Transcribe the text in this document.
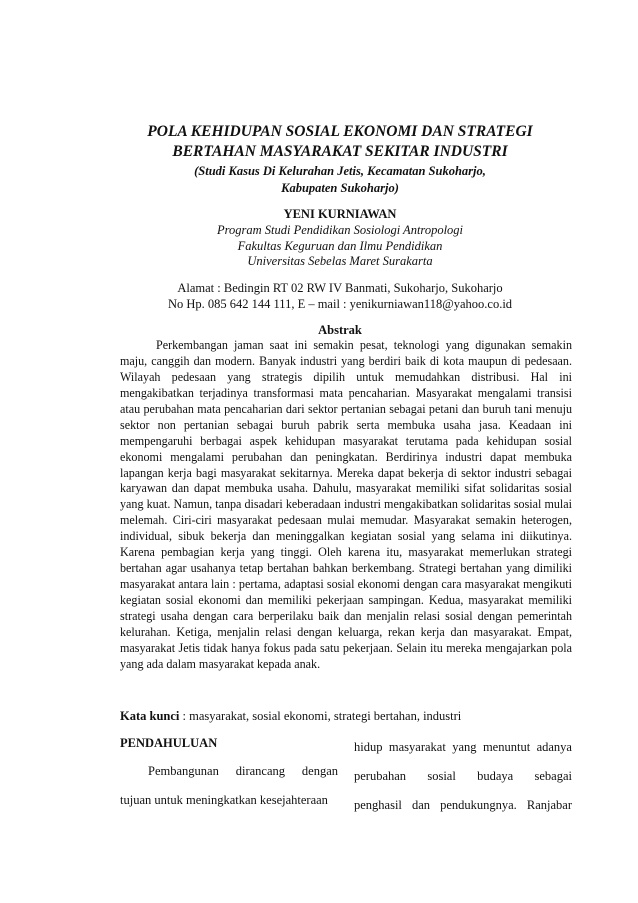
POLA KEHIDUPAN SOSIAL EKONOMI DAN STRATEGI
BERTAHAN MASYARAKAT SEKITAR INDUSTRI
(Studi Kasus Di Kelurahan Jetis, Kecamatan Sukoharjo,
Kabupaten Sukoharjo)
YENI KURNIAWAN
Program Studi Pendidikan Sosiologi Antropologi
Fakultas Keguruan dan Ilmu Pendidikan
Universitas Sebelas Maret Surakarta
Alamat : Bedingin RT 02 RW IV Banmati, Sukoharjo, Sukoharjo
No Hp. 085 642 144 111, E – mail : yenikurniawan118@yahoo.co.id
Abstrak

Perkembangan jaman saat ini semakin pesat, teknologi yang digunakan semakin maju, canggih dan modern. Banyak industri yang berdiri baik di kota maupun di pedesaan. Wilayah pedesaan yang strategis dipilih untuk memudahkan distribusi. Hal ini mengakibatkan terjadinya transformasi mata pencaharian. Masyarakat mengalami transisi atau perubahan mata pencaharian dari sektor pertanian sebagai petani dan buruh tani menuju sektor non pertanian sebagai buruh pabrik serta membuka usaha jasa. Keadaan ini mempengaruhi berbagai aspek kehidupan masyarakat terutama pada kehidupan sosial ekonomi mengalami perubahan dan peningkatan. Berdirinya industri dapat membuka lapangan kerja bagi masyarakat sekitarnya. Mereka dapat bekerja di sektor industri sebagai karyawan dan dapat membuka usaha. Dahulu, masyarakat memiliki sifat solidaritas sosial yang kuat. Namun, tanpa disadari keberadaan industri mengakibatkan solidaritas sosial mulai melemah. Ciri-ciri masyarakat pedesaan mulai memudar. Masyarakat semakin heterogen, individual, sibuk bekerja dan meninggalkan kegiatan sosial yang selama ini diikutinya. Karena pembagian kerja yang tinggi. Oleh karena itu, masyarakat memerlukan strategi bertahan agar usahanya tetap bertahan bahkan berkembang. Strategi bertahan yang dimiliki masyarakat antara lain : pertama, adaptasi sosial ekonomi dengan cara masyarakat mengikuti kegiatan sosial ekonomi dan memiliki pekerjaan sampingan. Kedua, masyarakat memiliki strategi usaha dengan cara berperilaku baik dan menjalin relasi sosial dengan pemerintah kelurahan. Ketiga, menjalin relasi dengan keluarga, rekan kerja dan masyarakat. Empat, masyarakat Jetis tidak hanya fokus pada satu pekerjaan. Selain itu mereka mengajarkan pola yang ada dalam masyarakat kepada anak.

Kata kunci : masyarakat, sosial ekonomi, strategi bertahan, industri
PENDAHULUAN

Pembangunan dirancang dengan tujuan untuk meningkatkan kesejahteraan

hidup masyarakat yang menuntut adanya
perubahan sosial budaya sebagai
penghasil dan pendukungnya. Ranjabar
